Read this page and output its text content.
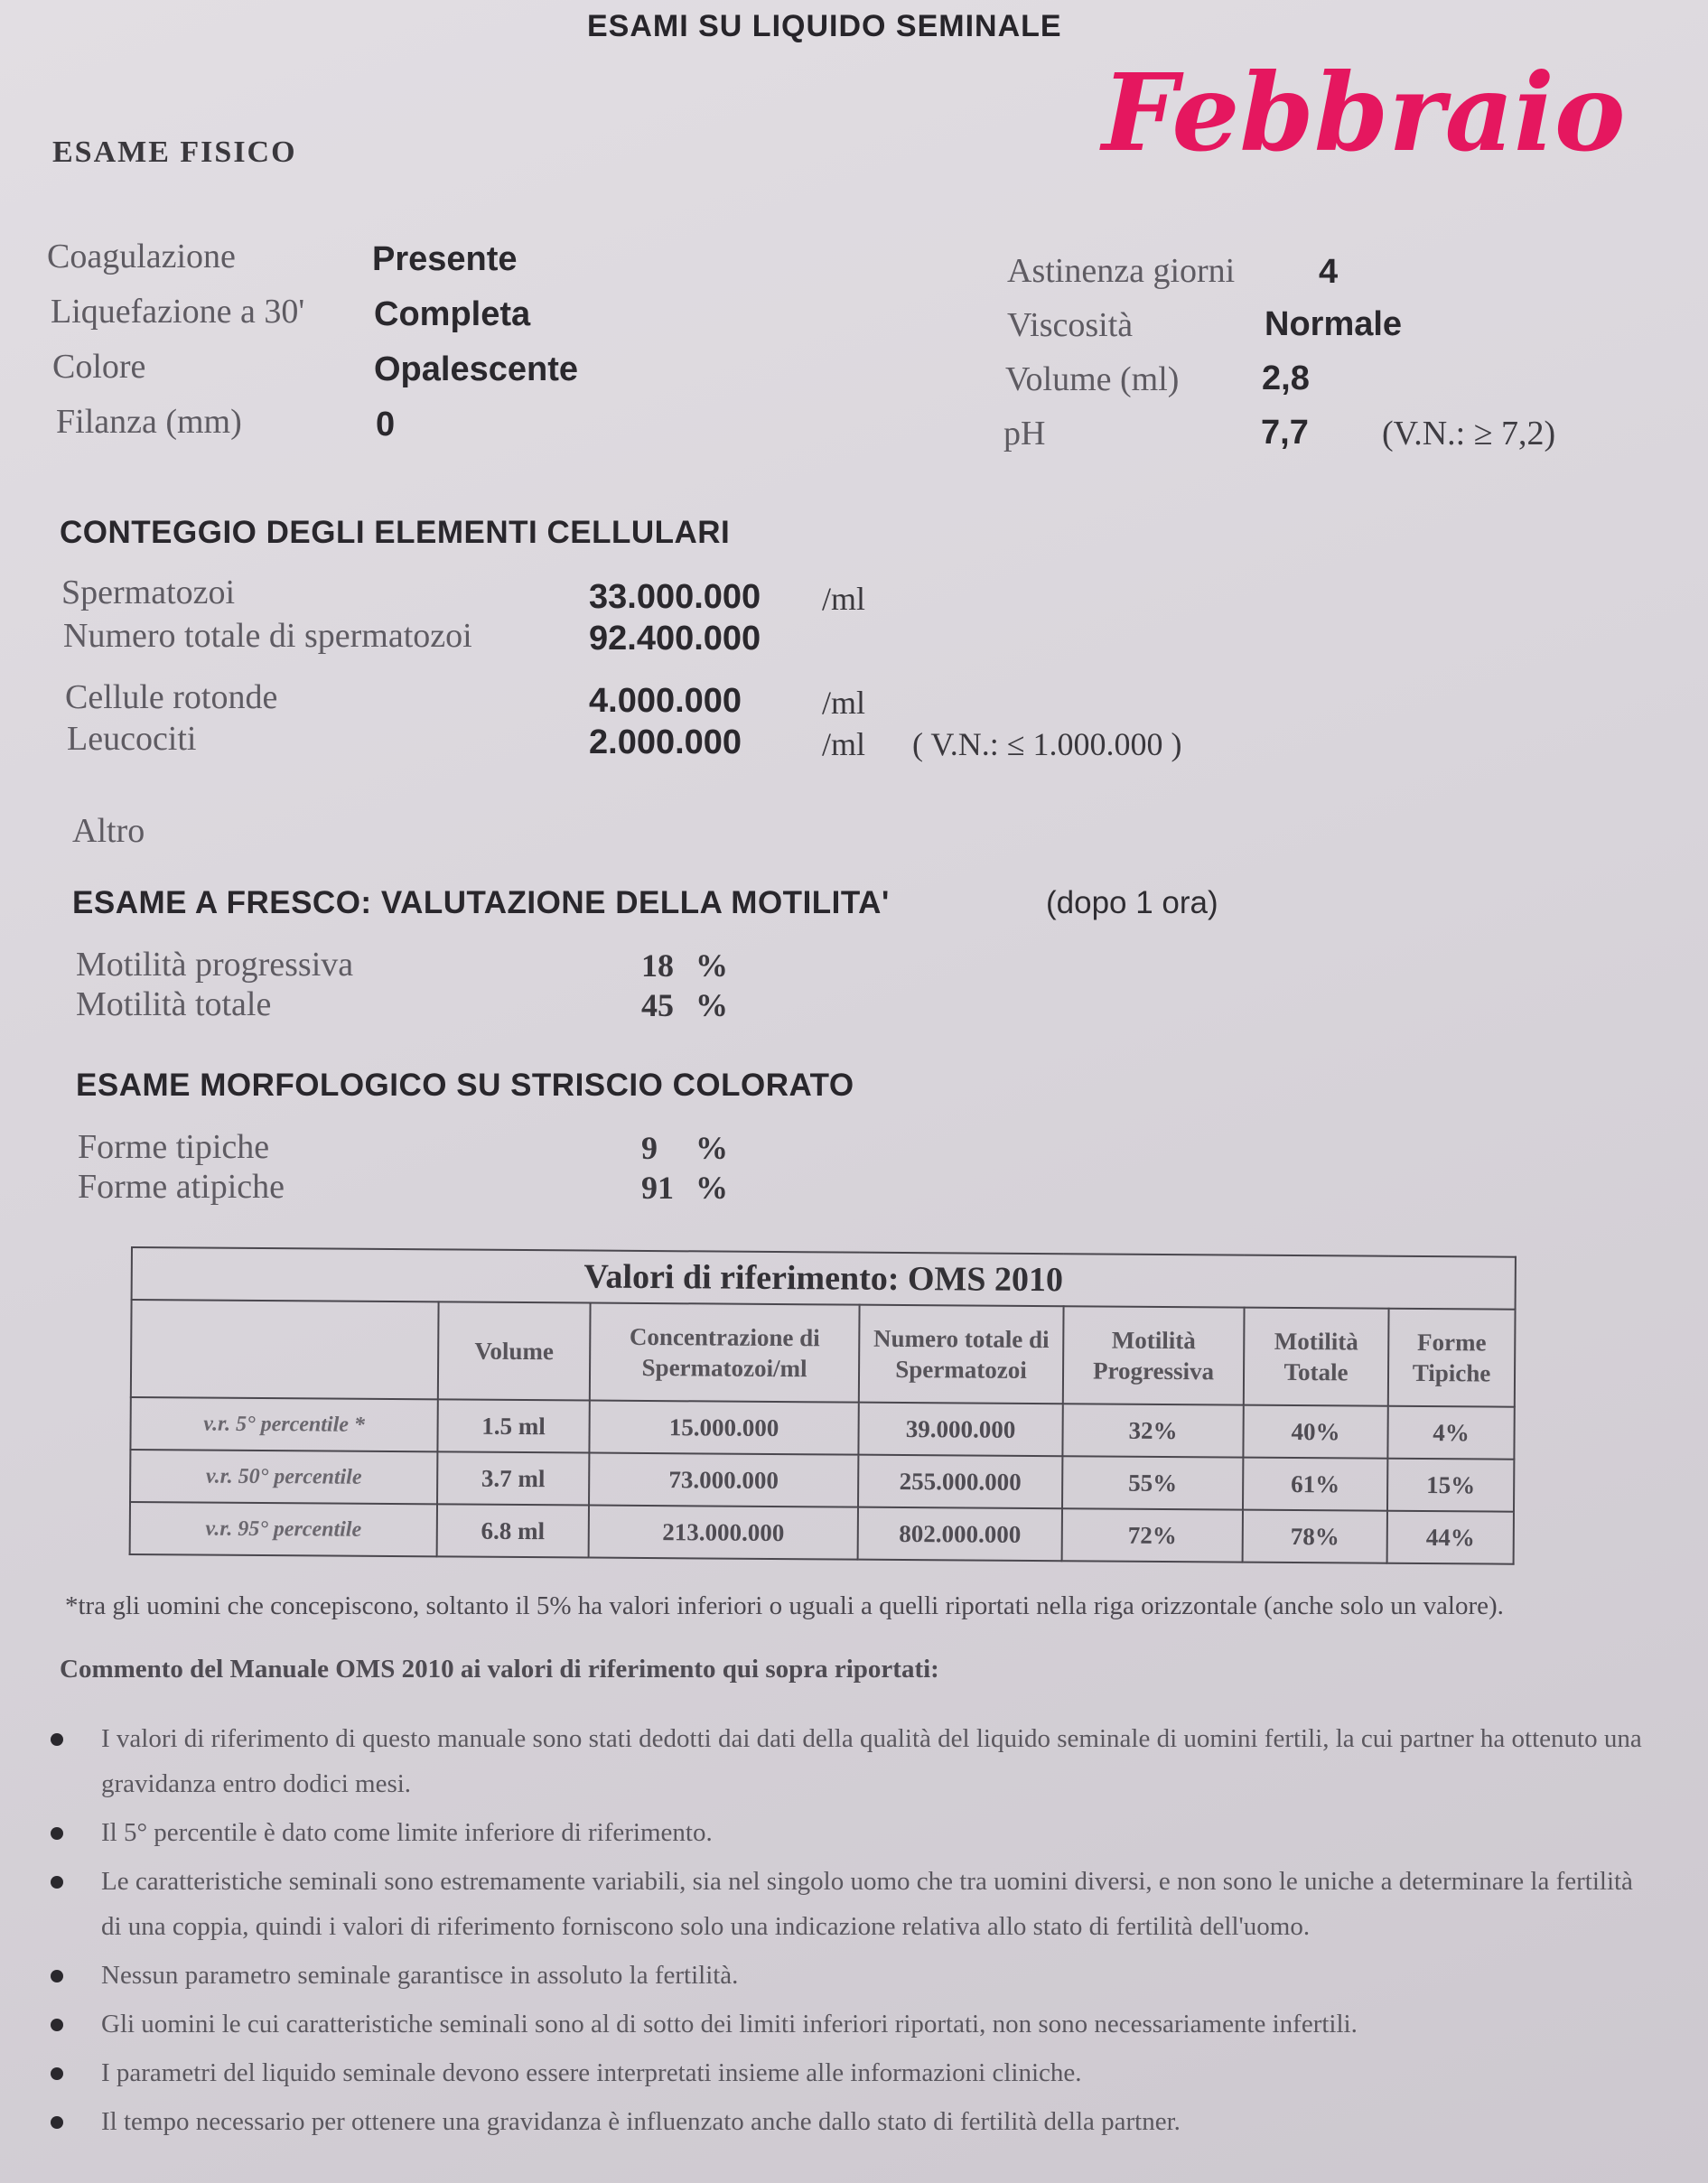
ESAMI SU LIQUIDO SEMINALE
Febbraio
ESAME FISICO
Coagulazione	Presente
Liquefazione a 30' Completa
Colore	Opalescente
Filanza (mm)	0
Astinenza giorni 4
Viscosità	Normale
Volume (ml) 2,8
pH	7,7 (V.N.: ≥ 7,2)
CONTEGGIO DEGLI ELEMENTI CELLULARI
Spermatozoi	33.000.000 /ml
Numero totale di spermatozoi	92.400.000
Cellule rotonde	4.000.000 /ml
Leucociti	2.000.000 /ml ( V.N.: ≤ 1.000.000 )
Altro
ESAME A FRESCO: VALUTAZIONE DELLA MOTILITA'	(dopo 1 ora)
Motilità progressiva	18 %
Motilità totale	45 %
ESAME MORFOLOGICO SU STRISCIO COLORATO
Forme tipiche	9 %
Forme atipiche	91 %
Valori di riferimento: OMS 2010						
	Volume	Concentrazione di Spermatozoi/ml	Numero totale di Spermatozoi	Motilità Progressiva	Motilità Totale	Forme Tipiche
v.r. 5° percentile *	1.5 ml	15.000.000	39.000.000	32%	40%	4%
v.r. 50° percentile	3.7 ml	73.000.000	255.000.000	55%	61%	15%
v.r. 95° percentile	6.8 ml	213.000.000	802.000.000	72%	78%	44%
*tra gli uomini che concepiscono, soltanto il 5% ha valori inferiori o uguali a quelli riportati nella riga orizzontale (anche solo un valore).
Commento del Manuale OMS 2010 ai valori di riferimento qui sopra riportati:
I valori di riferimento di questo manuale sono stati dedotti dai dati della qualità del liquido seminale di uomini fertili, la cui partner ha ottenuto una gravidanza entro dodici mesi.
Il 5° percentile è dato come limite inferiore di riferimento.
Le caratteristiche seminali sono estremamente variabili, sia nel singolo uomo che tra uomini diversi, e non sono le uniche a determinare la fertilità di una coppia, quindi i valori di riferimento forniscono solo una indicazione relativa allo stato di fertilità dell'uomo.
Nessun parametro seminale garantisce in assoluto la fertilità.
Gli uomini le cui caratteristiche seminali sono al di sotto dei limiti inferiori riportati, non sono necessariamente infertili.
I parametri del liquido seminale devono essere interpretati insieme alle informazioni cliniche.
Il tempo necessario per ottenere una gravidanza è influenzato anche dallo stato di fertilità della partner.
